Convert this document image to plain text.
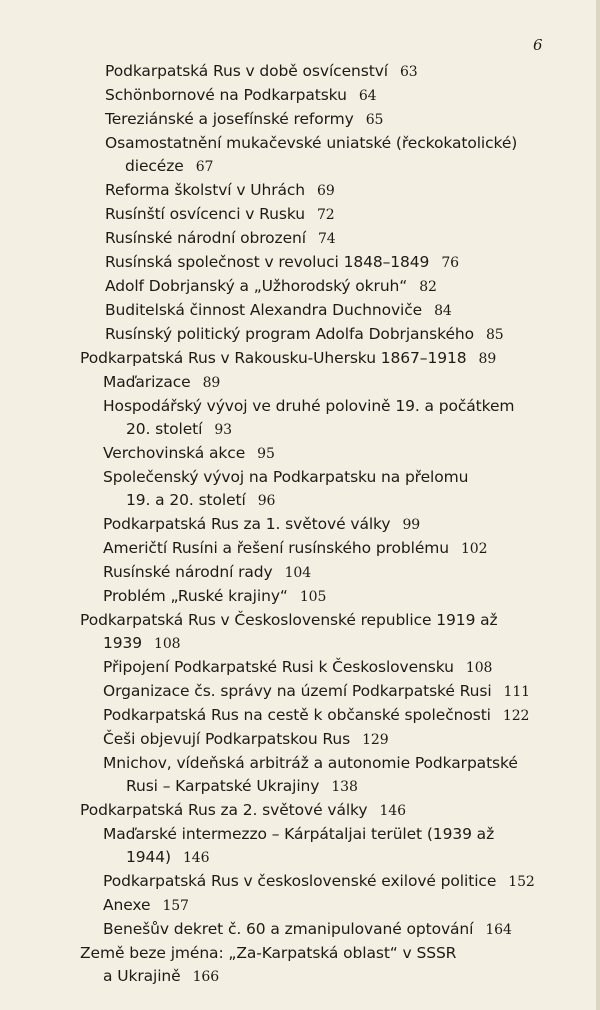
6
Podkarpatská Rus v době osvícenství 63
Schönbornové na Podkarpatsku 64
Tereziánské a josefínské reformy 65
Osamostatnění mukačevské uniatské (řeckokatolické)
diecéze 67
Reforma školství v Uhrách 69
Rusínští osvícenci v Rusku 72
Rusínské národní obrození 74
Rusínská společnost v revoluci 1848–1849 76
Adolf Dobrjanský a „Užhorodský okruh“ 82
Buditelská činnost Alexandra Duchnoviče 84
Rusínský politický program Adolfa Dobrjanského 85
Podkarpatská Rus v Rakousku-Uhersku 1867–1918 89
Maďarizace 89
Hospodářský vývoj ve druhé polovině 19. a počátkem
20. století 93
Verchovinská akce 95
Společenský vývoj na Podkarpatsku na přelomu
19. a 20. století 96
Podkarpatská Rus za 1. světové války 99
Američtí Rusíni a řešení rusínského problému 102
Rusínské národní rady 104
Problém „Ruské krajiny“ 105
Podkarpatská Rus v Československé republice 1919 až
1939 108
Připojení Podkarpatské Rusi k Československu 108
Organizace čs. správy na území Podkarpatské Rusi 111
Podkarpatská Rus na cestě k občanské společnosti 122
Češi objevují Podkarpatskou Rus 129
Mnichov, vídeňská arbitráž a autonomie Podkarpatské
Rusi – Karpatské Ukrajiny 138
Podkarpatská Rus za 2. světové války 146
Maďarské intermezzo – Kárpátaljai terület (1939 až
1944) 146
Podkarpatská Rus v československé exilové politice 152
Anexe 157
Benešův dekret č. 60 a zmanipulované optování 164
Země beze jména: „Za-Karpatská oblast“ v SSSR
a Ukrajině 166
